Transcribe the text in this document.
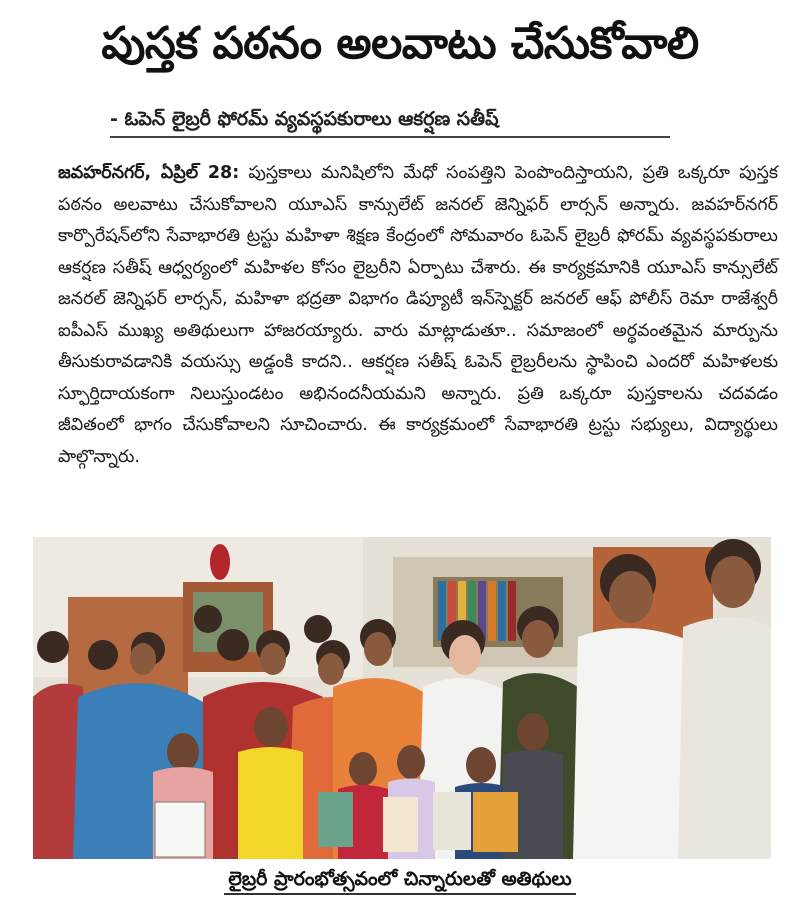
పుస్తక పఠనం అలవాటు చేసుకోవాలి
- ఓపెన్ లైబ్రరీ ఫోరమ్ వ్యవస్థపకురాలు ఆకర్షణ సతీష్

జవహర్‌నగర్, ఏప్రిల్ 28: పుస్తకాలు మనిషిలోని మేధో సంపత్తిని పెంపొందిస్తాయని, ప్రతి ఒక్కరూ పుస్తక పఠనం అలవాటు చేసుకోవాలని యూఎస్ కాన్సులేట్ జనరల్ జెన్నిఫర్ లార్సన్ అన్నారు. జవహర్‌నగర్ కార్పొరేషన్‌లోని సేవాభారతి ట్రస్టు మహిళా శిక్షణ కేంద్రంలో సోమవారం ఓపెన్ లైబ్రరీ ఫోరమ్ వ్యవస్థపకురాలు ఆకర్షణ సతీష్ ఆధ్వర్యంలో మహిళల కోసం లైబ్రరీని ఏర్పాటు చేశారు. ఈ కార్యక్రమానికి యూఎస్ కాన్సులేట్ జనరల్ జెన్నిఫర్ లార్సన్, మహిళా భద్రతా విభాగం డిప్యూటీ ఇన్‌స్పెక్టర్ జనరల్ ఆఫ్ పోలీస్ రెమా రాజేశ్వరీ ఐపీఎస్ ముఖ్య అతిథులుగా హాజరయ్యారు. వారు మాట్లాడుతూ.. సమాజంలో అర్థవంతమైన మార్పును తీసుకురావడానికి వయస్సు అడ్డంకి కాదని.. ఆకర్షణ సతీష్ ఓపెన్ లైబ్రరీలను స్థాపించి ఎందరో మహిళలకు స్ఫూర్తిదాయకంగా నిలుస్తుండటం అభినందనీయమని అన్నారు. ప్రతి ఒక్కరూ పుస్తకాలను చదవడం జీవితంలో భాగం చేసుకోవాలని సూచించారు. ఈ కార్యక్రమంలో సేవాభారతి ట్రస్టు సభ్యులు, విద్యార్థులు పాల్గొన్నారు.

లైబ్రరీ ప్రారంభోత్సవంలో చిన్నారులతో అతిథులు
